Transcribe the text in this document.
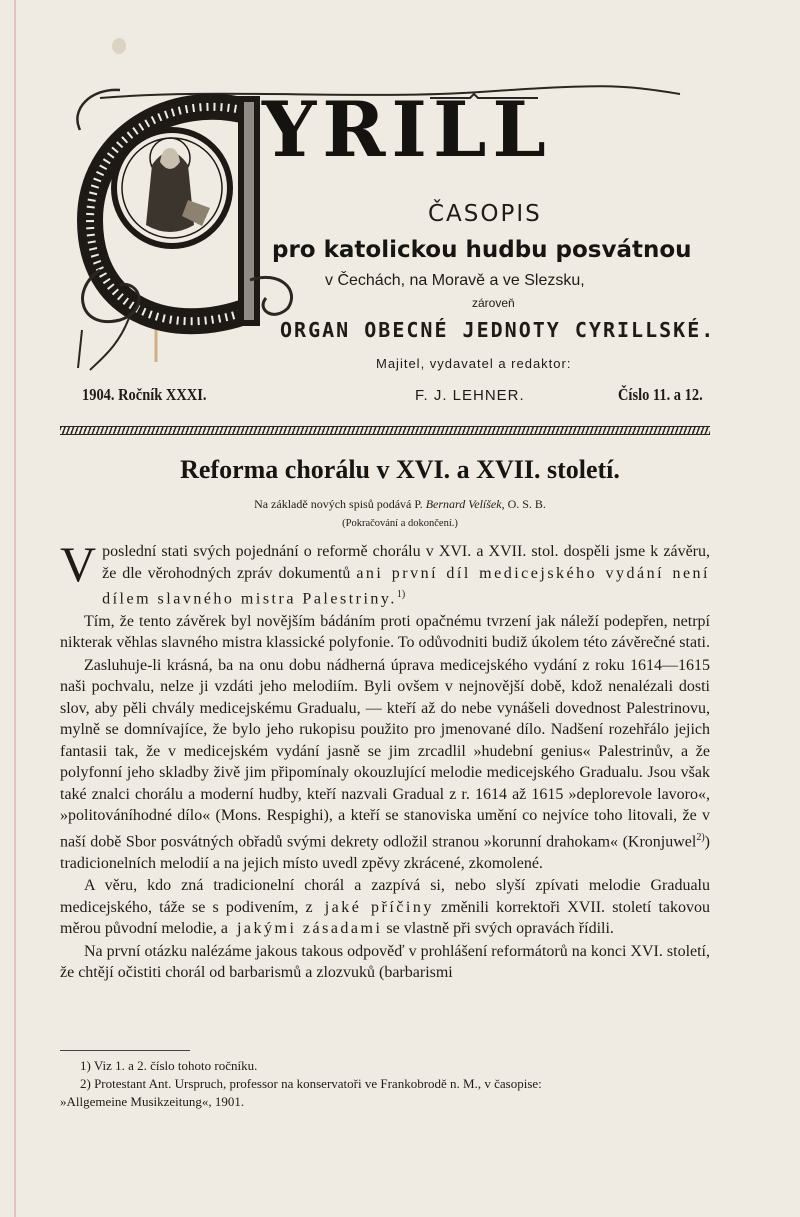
YRILL
ČASOPIS
pro katolickou hudbu posvátnou
v Čechách, na Moravě a ve Slezsku,
zároveň
ORGAN OBECNÉ JEDNOTY CYRILLSKÉ.
Majitel, vydavatel a redaktor:
1904. Ročník XXXI.	F. J. LEHNER.	Číslo 11. a 12.
Reforma chorálu v XVI. a XVII. století.
Na základě nových spisů podává P. Bernard Velíšek, O. S. B.
(Pokračování a dokončení.)

Vposlední stati svých pojednání o reformě chorálu v XVI. a XVII. stol. dospěli jsme k závěru, že dle věrohodných zpráv dokumentů ani první díl medicejského vydání není dílem slavného mistra Palestriny.$^{1)}$

Tím, že tento závěrek byl novějším bádáním proti opačnému tvrzení jak náleží podepřen, netrpí nikterak věhlas slavného mistra klassické polyfonie. To odůvodniti budiž úkolem této závěrečné stati.

Zasluhuje-li krásná, ba na onu dobu nádherná úprava medicejského vydání z roku 1614—1615 naši pochvalu, nelze ji vzdáti jeho melodiím. Byli ovšem v nejnovější době, kdož nenalézali dosti slov, aby pěli chvály medicejskému Gradualu, — kteří až do nebe vynášeli dovednost Palestrinovu, mylně se domnívajíce, že bylo jeho rukopisu použito pro jmenované dílo. Nadšení rozehřálo jejich fantasii tak, že v medicejském vydání jasně se jim zrcadlil »hudební genius« Palestrinův, a že polyfonní jeho skladby živě jim připomínaly okouzlující melodie medicejského Gradualu. Jsou však také znalci chorálu a moderní hudby, kteří nazvali Gradual z r. 1614 až 1615 »deplorevole lavoro«, »politováníhodné dílo« (Mons. Respighi), a kteří se stanoviska umění co nejvíce toho litovali, že v naší době Sbor posvátných obřadů svými dekrety odložil stranou »korunní drahokam« (Kronjuwel$^{2)}$) tradicionelních melodií a na jejich místo uvedl zpěvy zkrácené, zkomolené.

A věru, kdo zná tradicionelní chorál a zazpívá si, nebo slyší zpívati melodie Gradualu medicejského, táže se s podivením, z jaké příčiny změnili korrektoři XVII. století takovou měrou původní melodie, a jakými zásadami se vlastně při svých opravách řídili.

Na první otázku nalézáme jakous takous odpověď v prohlášení reformátorů na konci XVI. století, že chtějí očistiti chorál od barbarismů a zlozvuků (barbarismi

1) Viz 1. a 2. číslo tohoto ročníku.
2) Protestant Ant. Urspruch, professor na konservatoři ve Frankobrodě n. M., v časopise:
»Allgemeine Musikzeitung«, 1901.
